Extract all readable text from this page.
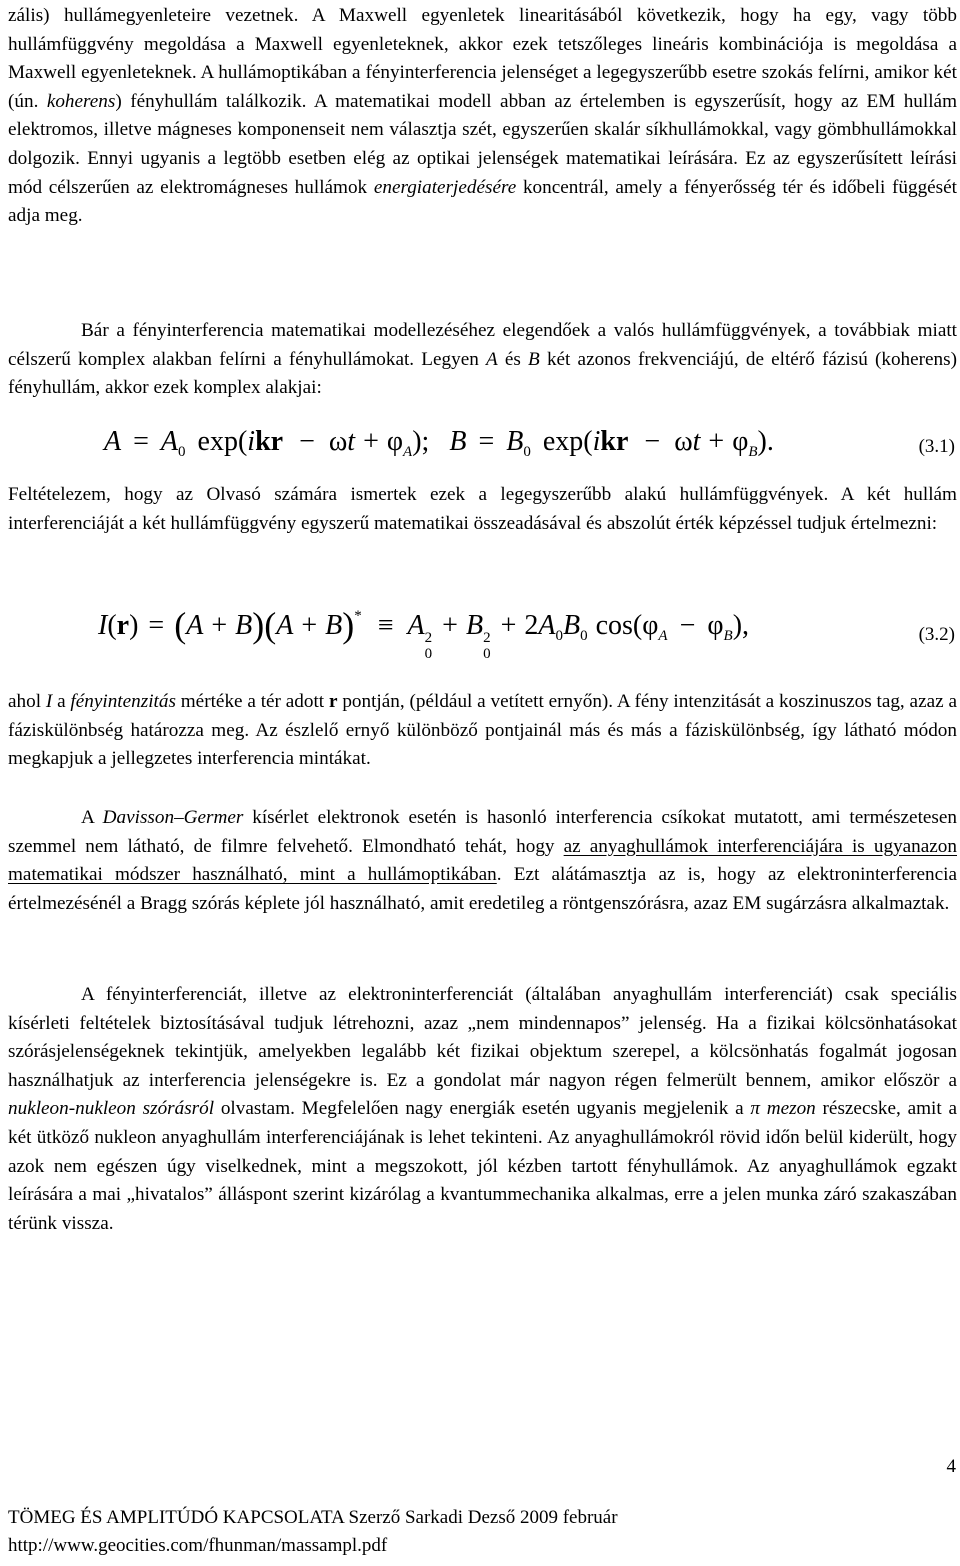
zális) hullámegyenleteire vezetnek. A Maxwell egyenletek linearitásából következik, hogy ha egy, vagy több hullámfüggvény megoldása a Maxwell egyenleteknek, akkor ezek tetszőleges lineáris kombinációja is megoldása a Maxwell egyenleteknek. A hullámoptikában a fényinterferencia jelenséget a legegyszerűbb esetre szokás felírni, amikor két (ún. koherens) fényhullám találkozik. A matematikai modell abban az értelemben is egyszerűsít, hogy az EM hullám elektromos, illetve mágneses komponenseit nem választja szét, egyszerűen skalár síkhullámokkal, vagy gömbhullámokkal dolgozik. Ennyi ugyanis a legtöbb esetben elég az optikai jelenségek matematikai leírására. Ez az egyszerűsített leírási mód célszerűen az elektromágneses hullámok energiaterjedésére koncentrál, amely a fényerősség tér és időbeli függését adja meg.

Bár a fényinterferencia matematikai modellezéséhez elegendőek a valós hullámfüggvények, a továbbiak miatt célszerű komplex alakban felírni a fényhullámokat. Legyen A és B két azonos frekvenciájú, de eltérő fázisú (koherens) fényhullám, akkor ezek komplex alakjai:

$A = A_0$ $\exp(ikr - \omega t + \varphi_A)$; $B = B_0$ $\exp(ikr - \omega t + \varphi_B)$.	(3.1)

Feltételezem, hogy az Olvasó számára ismertek ezek a legegyszerűbb alakú hullámfüggvények. A két hullám interferenciáját a két hullámfüggvény egyszerű matematikai összeadásával és abszolút érték képzéssel tudjuk értelmezni:

I(r) = (A + B)(A + B)* ≡ A 2
0
+ B 2
0
+ $2A_0B_0$ $\cos(\varphi_A - \varphi_B)$,	(3.2)

ahol I a fényintenzitás mértéke a tér adott r pontján, (például a vetített ernyőn). A fény intenzitását a koszinuszos tag, azaz a fáziskülönbség határozza meg. Az észlelő ernyő különböző pontjainál más és más a fáziskülönbség, így látható módon megkapjuk a jellegzetes interferencia mintákat.

A Davisson–Germer kísérlet elektronok esetén is hasonló interferencia csíkokat mutatott, ami természetesen szemmel nem látható, de filmre felvehető. Elmondható tehát, hogy az anyaghullámok interferenciájára is ugyanazon matematikai módszer használható, mint a hullámoptikában. Ezt alátámasztja az is, hogy az elektroninterferencia értelmezésénél a Bragg szórás képlete jól használható, amit eredetileg a röntgenszórásra, azaz EM sugárzásra alkalmaztak.

A fényinterferenciát, illetve az elektroninterferenciát (általában anyaghullám interferenciát) csak speciális kísérleti feltételek biztosításával tudjuk létrehozni, azaz „nem mindennapos” jelenség. Ha a fizikai kölcsönhatásokat szórásjelenségeknek tekintjük, amelyekben legalább két fizikai objektum szerepel, a kölcsönhatás fogalmát jogosan használhatjuk az interferencia jelenségekre is. Ez a gondolat már nagyon régen felmerült bennem, amikor először a nukleon-nukleon szórásról olvastam. Megfelelően nagy energiák esetén ugyanis megjelenik a π mezon részecske, amit a két ütköző nukleon anyaghullám interferenciájának is lehet tekinteni. Az anyaghullámokról rövid időn belül kiderült, hogy azok nem egészen úgy viselkednek, mint a megszokott, jól kézben tartott fényhullámok. Az anyaghullámok egzakt leírására a mai „hivatalos” álláspont szerint kizárólag a kvantummechanika alkalmas, erre a jelen munka záró szakaszában térünk vissza.

4
TÖMEG ÉS AMPLITÚDÓ KAPCSOLATA Szerző Sarkadi Dezső 2009 február
http://www.geocities.com/fhunman/massampl.pdf
